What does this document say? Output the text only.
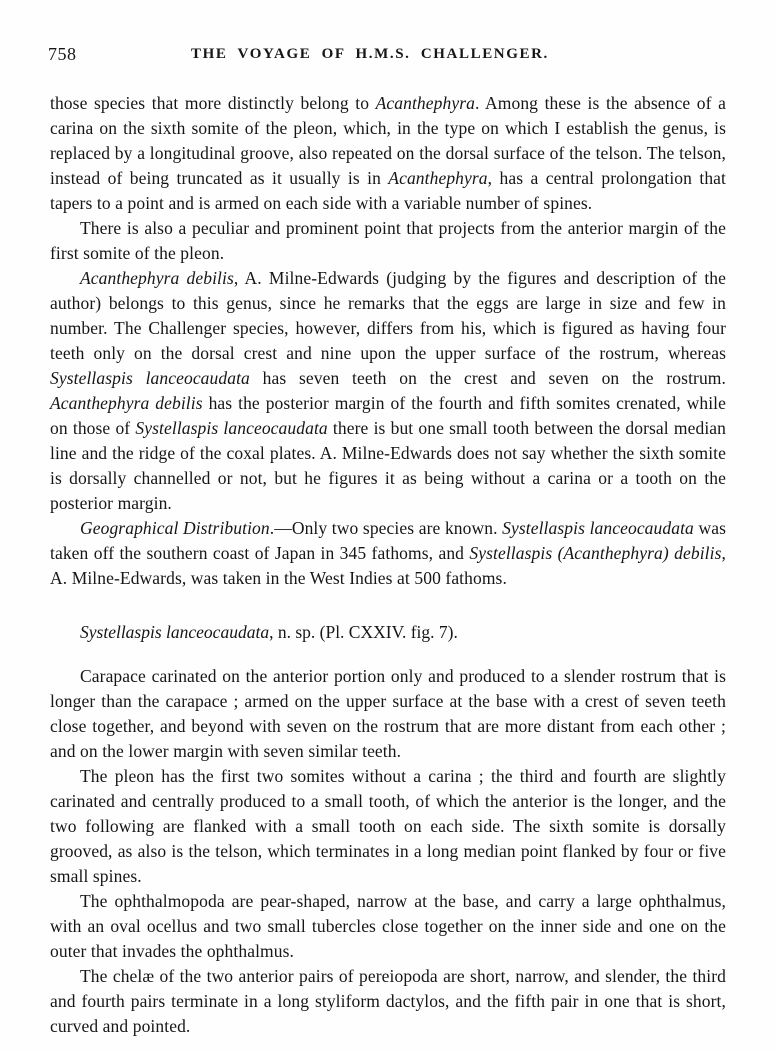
758	THE VOYAGE OF H.M.S. CHALLENGER.

those species that more distinctly belong to Acanthephyra. Among these is the absence of a carina on the sixth somite of the pleon, which, in the type on which I establish the genus, is replaced by a longitudinal groove, also repeated on the dorsal surface of the telson. The telson, instead of being truncated as it usually is in Acanthephyra, has a central prolongation that tapers to a point and is armed on each side with a variable number of spines.

There is also a peculiar and prominent point that projects from the anterior margin of the first somite of the pleon.

Acanthephyra debilis, A. Milne-Edwards (judging by the figures and description of the author) belongs to this genus, since he remarks that the eggs are large in size and few in number. The Challenger species, however, differs from his, which is figured as having four teeth only on the dorsal crest and nine upon the upper surface of the rostrum, whereas Systellaspis lanceocaudata has seven teeth on the crest and seven on the rostrum. Acanthephyra debilis has the posterior margin of the fourth and fifth somites crenated, while on those of Systellaspis lanceocaudata there is but one small tooth between the dorsal median line and the ridge of the coxal plates. A. Milne-Edwards does not say whether the sixth somite is dorsally channelled or not, but he figures it as being without a carina or a tooth on the posterior margin.

Geographical Distribution.—Only two species are known. Systellaspis lanceocaudata was taken off the southern coast of Japan in 345 fathoms, and Systellaspis (Acanthephyra) debilis, A. Milne-Edwards, was taken in the West Indies at 500 fathoms.

Systellaspis lanceocaudata, n. sp. (Pl. CXXIV. fig. 7).

Carapace carinated on the anterior portion only and produced to a slender rostrum that is longer than the carapace ; armed on the upper surface at the base with a crest of seven teeth close together, and beyond with seven on the rostrum that are more distant from each other ; and on the lower margin with seven similar teeth.

The pleon has the first two somites without a carina ; the third and fourth are slightly carinated and centrally produced to a small tooth, of which the anterior is the longer, and the two following are flanked with a small tooth on each side. The sixth somite is dorsally grooved, as also is the telson, which terminates in a long median point flanked by four or five small spines.

The ophthalmopoda are pear-shaped, narrow at the base, and carry a large ophthalmus, with an oval ocellus and two small tubercles close together on the inner side and one on the outer that invades the ophthalmus.

The chelæ of the two anterior pairs of pereiopoda are short, narrow, and slender, the third and fourth pairs terminate in a long styliform dactylos, and the fifth pair in one that is short, curved and pointed.
